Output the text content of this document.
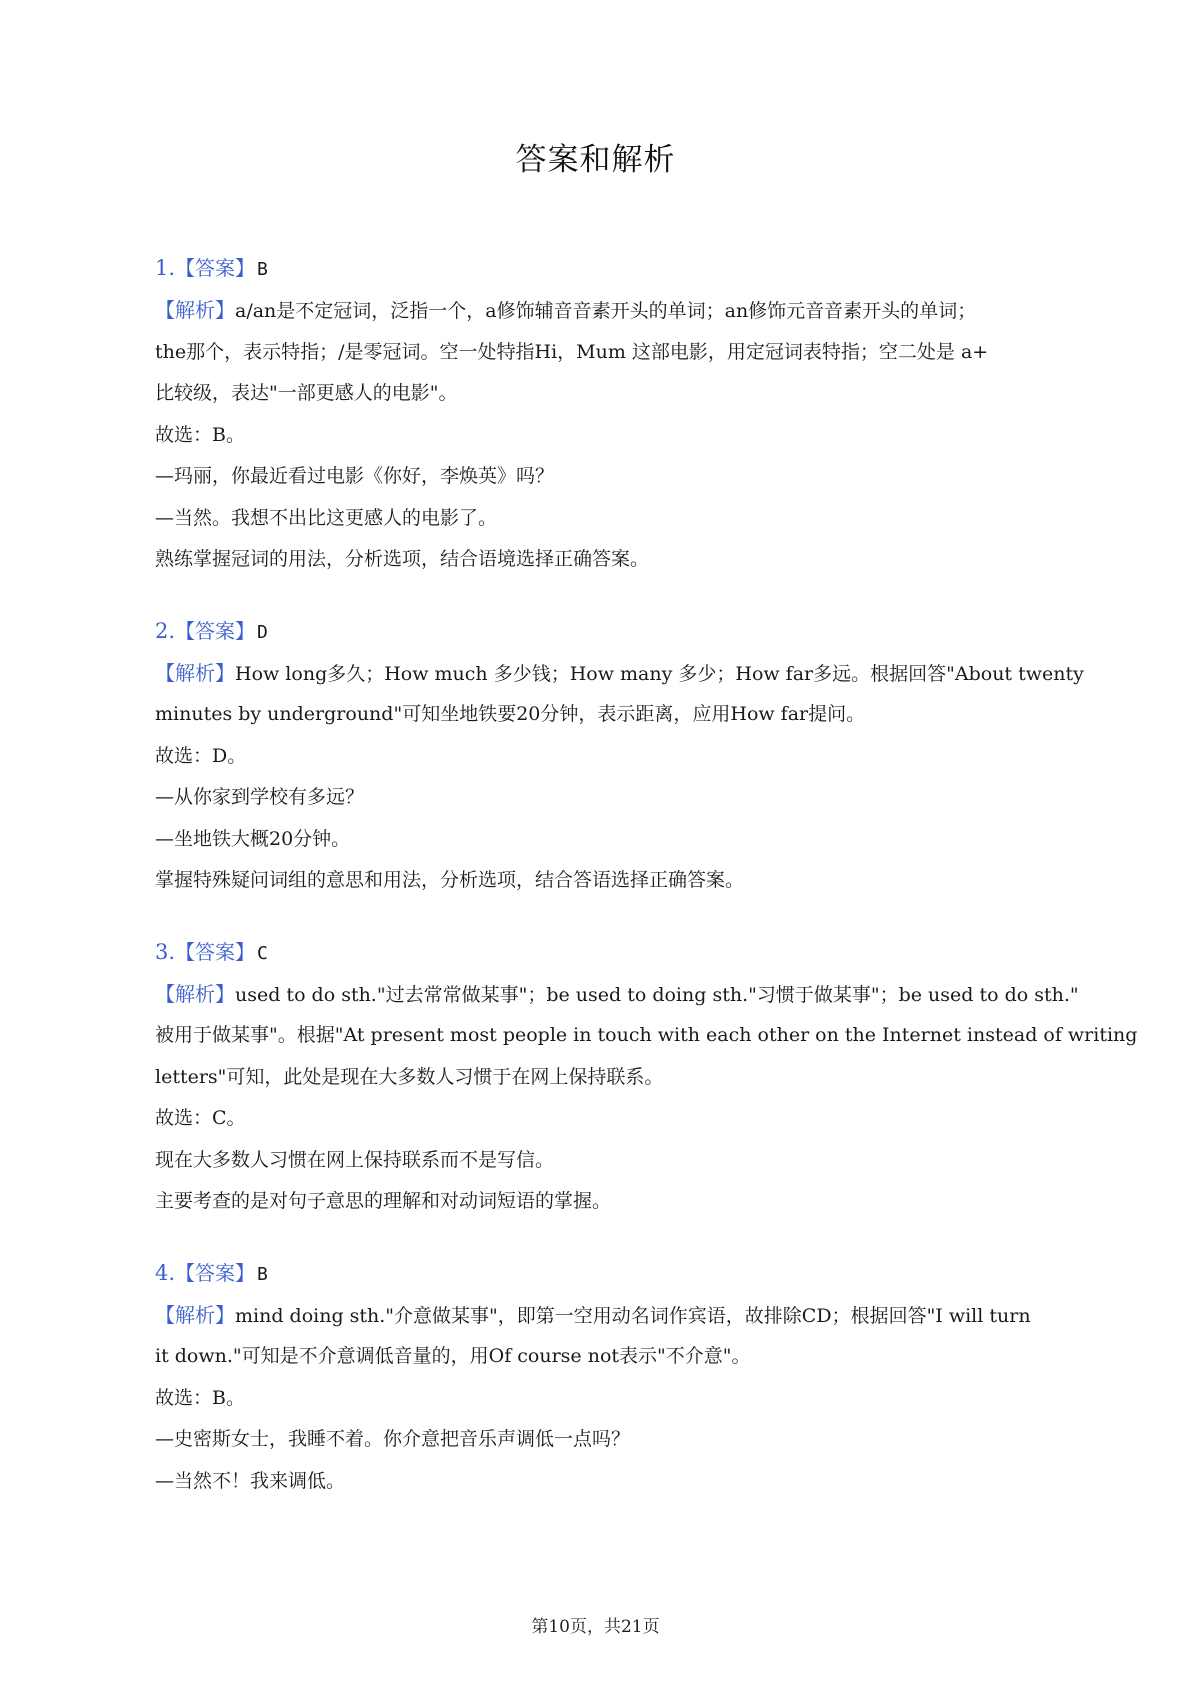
答案和解析
1.【答案】 B
【解析】a/an是不定冠词，泛指一个，a修饰辅音音素开头的单词；an修饰元音音素开头的单词；
the那个，表示特指；/是零冠词。空一处特指Hi，Mum 这部电影，用定冠词表特指；空二处是 a+
比较级，表达"一部更感人的电影"。
故选：B。
—玛丽，你最近看过电影《你好，李焕英》吗？
—当然。我想不出比这更感人的电影了。
熟练掌握冠词的用法，分析选项，结合语境选择正确答案。
2.【答案】 D
【解析】How long多久；How much 多少钱；How many 多少；How far多远。根据回答"About twenty
minutes by underground"可知坐地铁要20分钟，表示距离，应用How far提问。
故选：D。
—从你家到学校有多远？
—坐地铁大概20分钟。
掌握特殊疑问词组的意思和用法，分析选项，结合答语选择正确答案。
3.【答案】 C
【解析】used to do sth."过去常常做某事"；be used to doing sth."习惯于做某事"；be used to do sth."
被用于做某事"。根据"At present most people in touch with each other on the Internet instead of writing
letters"可知，此处是现在大多数人习惯于在网上保持联系。
故选：C。
现在大多数人习惯在网上保持联系而不是写信。
主要考查的是对句子意思的理解和对动词短语的掌握。
4.【答案】 B
【解析】mind doing sth."介意做某事"，即第一空用动名词作宾语，故排除CD；根据回答"I will turn
it down."可知是不介意调低音量的，用Of course not表示"不介意"。
故选：B。
—史密斯女士，我睡不着。你介意把音乐声调低一点吗？
—当然不！我来调低。
第10页，共21页
